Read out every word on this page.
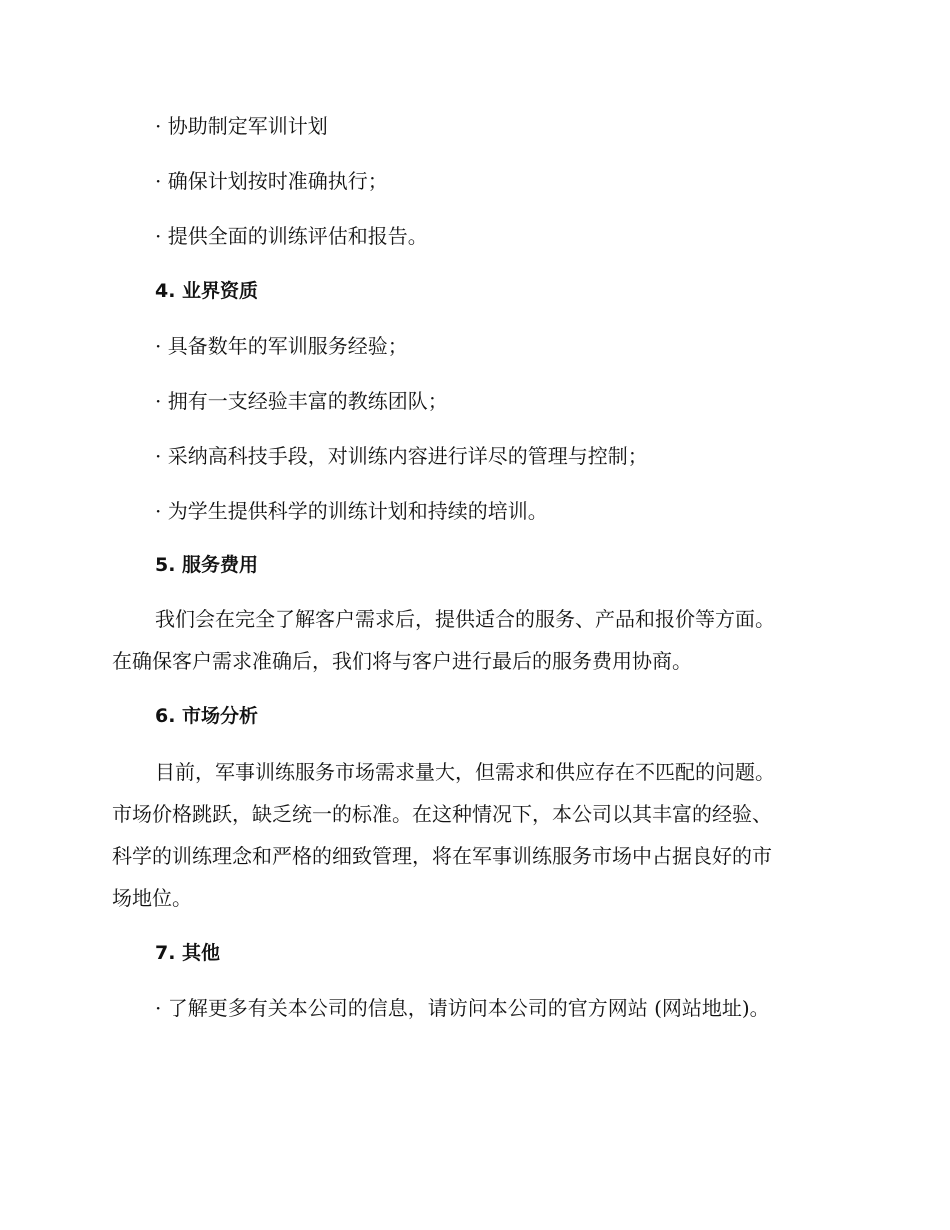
· 协助制定军训计划
· 确保计划按时准确执行；
· 提供全面的训练评估和报告。
4. 业界资质
· 具备数年的军训服务经验；
· 拥有一支经验丰富的教练团队；
· 采纳高科技手段，对训练内容进行详尽的管理与控制；
· 为学生提供科学的训练计划和持续的培训。
5. 服务费用
我们会在完全了解客户需求后，提供适合的服务、产品和报价等方面。
在确保客户需求准确后，我们将与客户进行最后的服务费用协商。
6. 市场分析
目前，军事训练服务市场需求量大，但需求和供应存在不匹配的问题。
市场价格跳跃，缺乏统一的标准。在这种情况下，本公司以其丰富的经验、
科学的训练理念和严格的细致管理，将在军事训练服务市场中占据良好的市
场地位。
7. 其他
· 了解更多有关本公司的信息，请访问本公司的官方网站 (网站地址)。
